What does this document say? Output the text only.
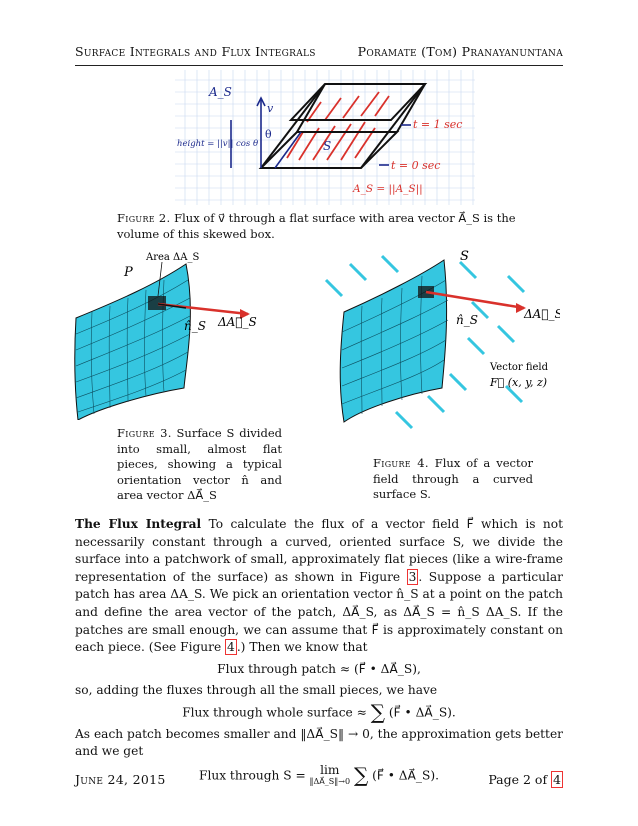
Surface Integrals and Flux Integrals	Poramate (Tom) Pranayanuntana
A_S
v
θ
S
t = 1 sec
t = 0 sec
height = ||v|| cos θ
A_S = ||A_S||
Figure 2. Flux of v⃗ through a flat surface with area vector A⃗_S is the volume of this skewed box.
P
Area ΔA_S
n̂_S ΔA⃗_S
Figure 3. Surface S divided into small, almost flat pieces, showing a typical orientation vector n̂ and area vector ΔA⃗_S
S
n̂_S	ΔA⃗_S
Vector field
F⃗ (x, y, z)
Figure 4. Flux of a vector field through a curved surface S.

The Flux Integral To calculate the flux of a vector field F⃗ which is not necessarily constant through a curved, oriented surface S, we divide the surface into a patchwork of small, approximately flat pieces (like a wire-frame representation of the surface) as shown in Figure 3 . Suppose a particular patch has area ΔA_S. We pick an orientation vector n̂_S at a point on the patch and define the area vector of the patch, ΔA⃗_S, as ΔA⃗_S = n̂_S ΔA_S. If the patches are small enough, we can assume that F⃗ is approximately constant on each piece. (See Figure 4 .) Then we know that

Flux through patch ≈ (F⃗ • ΔA⃗_S),

so, adding the fluxes through all the small pieces, we have

Flux through whole surface ≈ ∑ (F⃗ • ΔA⃗_S).

As each patch becomes smaller and ‖ΔA⃗_S‖ → 0, the approximation gets better and we get

Flux through S = lim
‖ΔA⃗_S‖→0 ∑ (F⃗ • ΔA⃗_S).
June 24, 2015	Page 2 of 4
